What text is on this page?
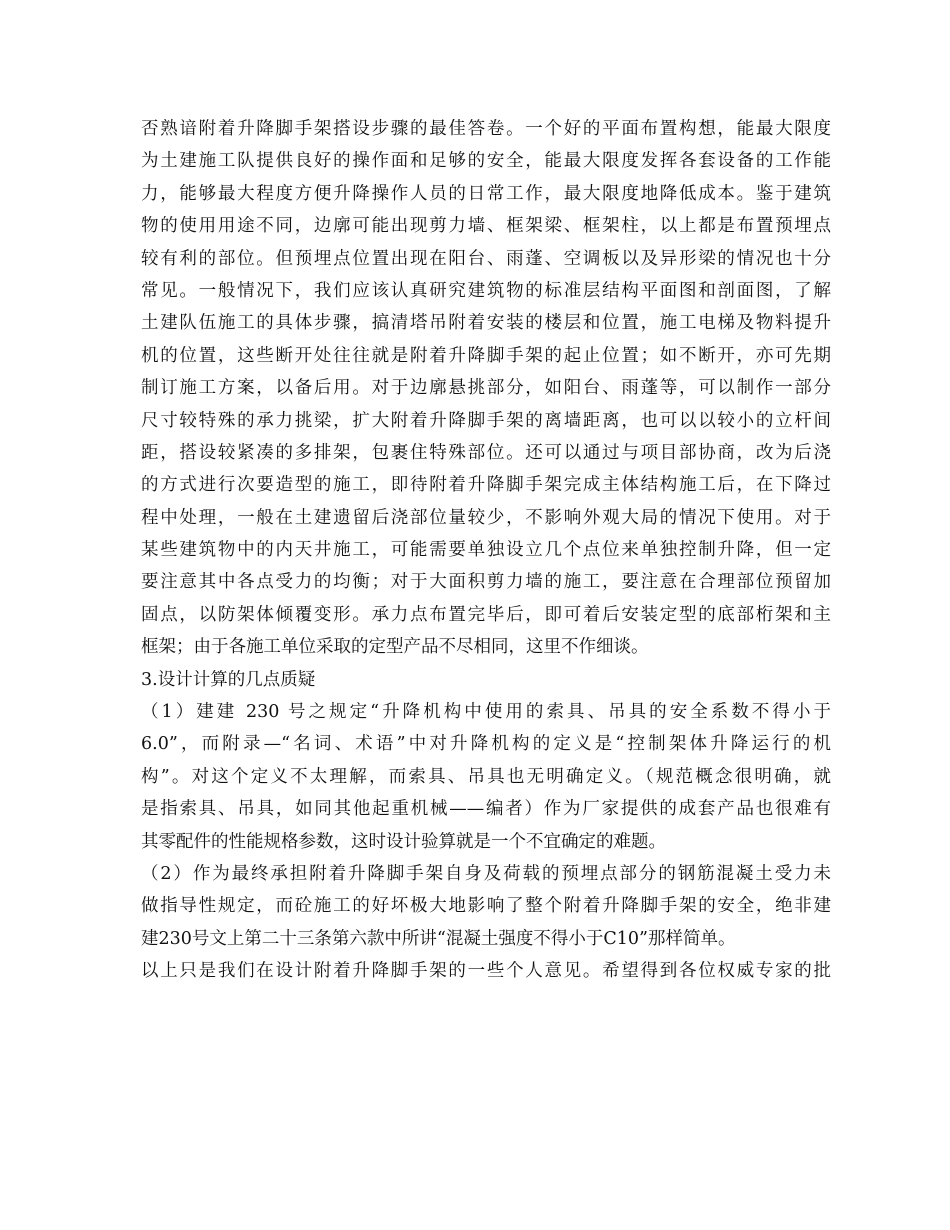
否熟谙附着升降脚手架搭设步骤的最佳答卷。一个好的平面布置构想，能最大限度
为土建施工队提供良好的操作面和足够的安全，能最大限度发挥各套设备的工作能
力，能够最大程度方便升降操作人员的日常工作，最大限度地降低成本。鉴于建筑
物的使用用途不同，边廓可能出现剪力墙、框架梁、框架柱，以上都是布置预埋点
较有利的部位。但预埋点位置出现在阳台、雨蓬、空调板以及异形梁的情况也十分
常见。一般情况下，我们应该认真研究建筑物的标准层结构平面图和剖面图，了解
土建队伍施工的具体步骤，搞清塔吊附着安装的楼层和位置，施工电梯及物料提升
机的位置，这些断开处往往就是附着升降脚手架的起止位置；如不断开，亦可先期
制订施工方案，以备后用。对于边廓悬挑部分，如阳台、雨蓬等，可以制作一部分
尺寸较特殊的承力挑梁，扩大附着升降脚手架的离墙距离，也可以以较小的立杆间
距，搭设较紧凑的多排架，包裹住特殊部位。还可以通过与项目部协商，改为后浇
的方式进行次要造型的施工，即待附着升降脚手架完成主体结构施工后，在下降过
程中处理，一般在土建遗留后浇部位量较少，不影响外观大局的情况下使用。对于
某些建筑物中的内天井施工，可能需要单独设立几个点位来单独控制升降，但一定
要注意其中各点受力的均衡；对于大面积剪力墙的施工，要注意在合理部位预留加
固点，以防架体倾覆变形。承力点布置完毕后，即可着后安装定型的底部桁架和主
框架；由于各施工单位采取的定型产品不尽相同，这里不作细谈。
3.设计计算的几点质疑
（1）建建 230 号之规定“升降机构中使用的索具、吊具的安全系数不得小于
6.0”，而附录—“名词、术语”中对升降机构的定义是“控制架体升降运行的机
构”。对这个定义不太理解，而索具、吊具也无明确定义。（规范概念很明确，就
是指索具、吊具，如同其他起重机械——编者）作为厂家提供的成套产品也很难有
其零配件的性能规格参数，这时设计验算就是一个不宜确定的难题。
（2）作为最终承担附着升降脚手架自身及荷载的预埋点部分的钢筋混凝土受力未
做指导性规定，而砼施工的好坏极大地影响了整个附着升降脚手架的安全，绝非建
建230号文上第二十三条第六款中所讲“混凝土强度不得小于C10”那样简单。
以上只是我们在设计附着升降脚手架的一些个人意见。希望得到各位权威专家的批
